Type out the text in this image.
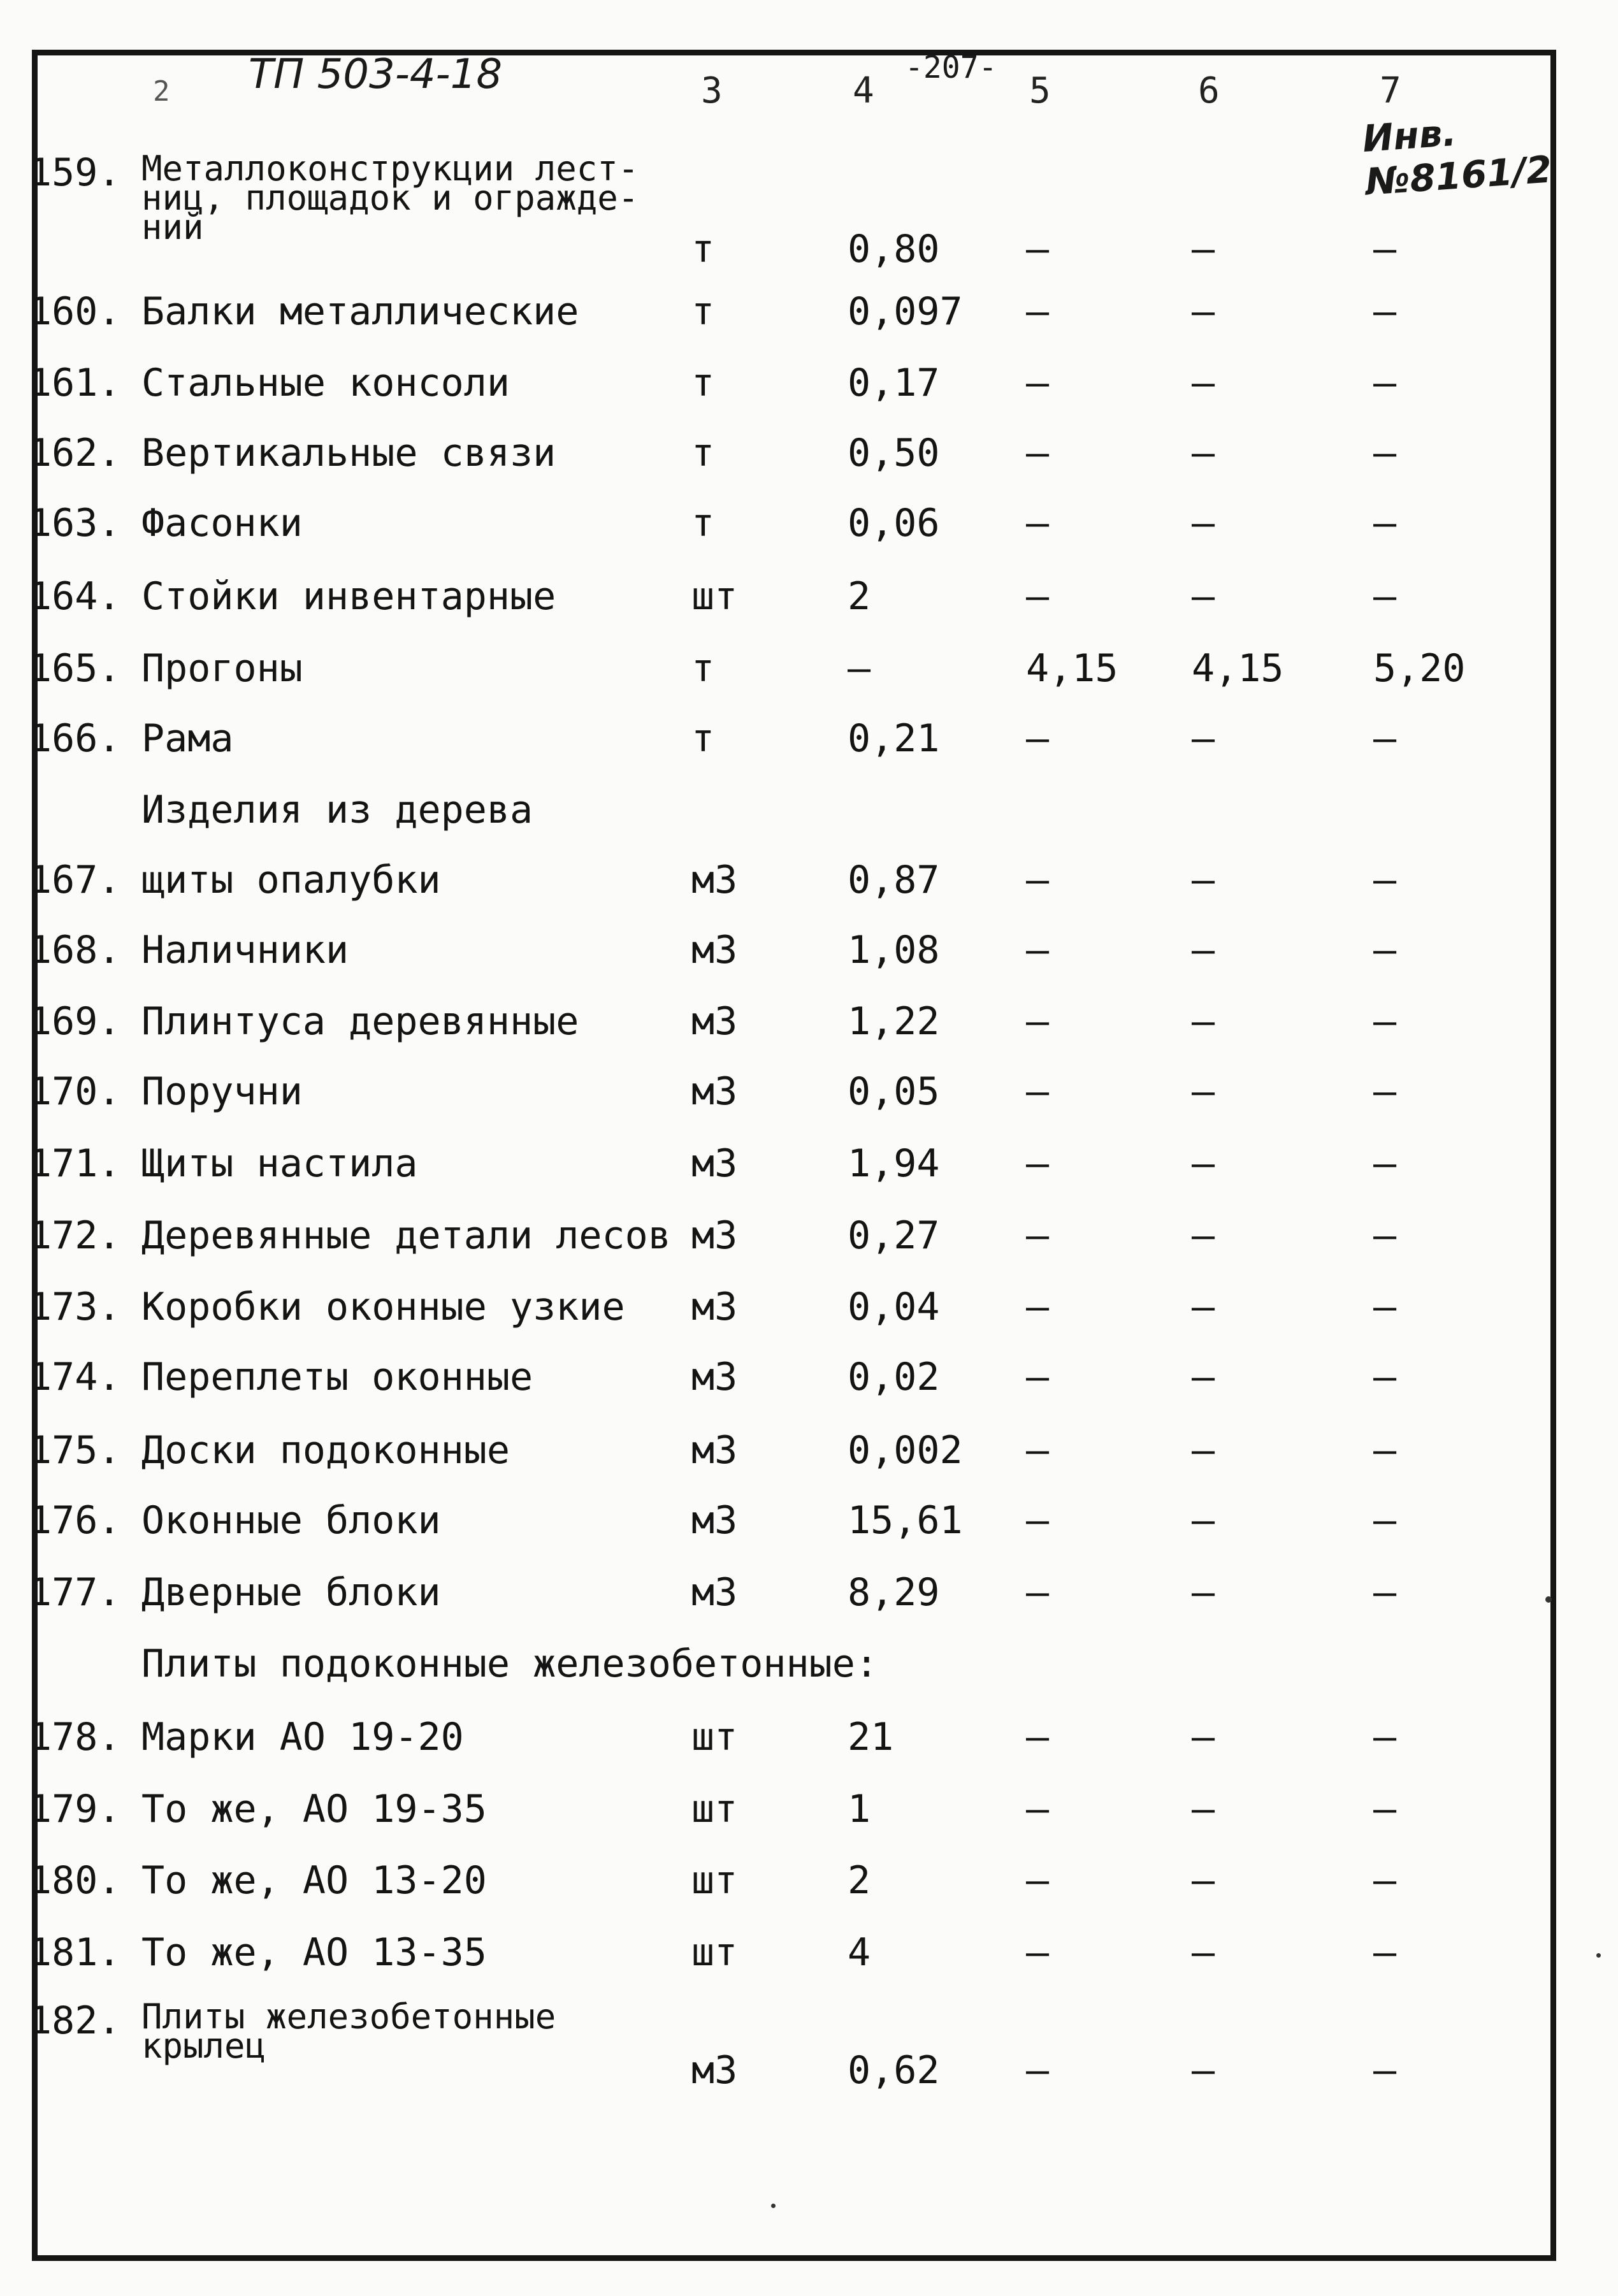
ТП 503-4-18
2	3	4
-207-
5	6	7
Инв.№8161/2
159. Металлоконструкции лест-
ниц, площадок и огражде-
ний	т	0,80 –	–	–
160. Балки металлические	т	0,097 –	–	–
161. Стальные консоли	т	0,17 –	–	–
162. Вертикальные связи	т	0,50 –	–	–
163. Фасонки	т	0,06 –	–	–
164. Стойки инвентарные	шт	2	–	–	–
165. Прогоны	т	–	4,15 4,15 5,20
166. Рама	т	0,21 –	–	–
Изделия из дерева
167. щиты опалубки	м3	0,87 –	–	–
168. Наличники	м3	1,08 –	–	–
169. Плинтуса деревянные	м3	1,22 –	–	–
170. Поручни	м3	0,05 –	–	–
171. Щиты настила	м3	1,94 –	–	–
172. Деревянные детали лесов м3	0,27 –	–	–
173. Коробки оконные узкие м3	0,04 –	–	–
174. Переплеты оконные	м3	0,02 –	–	–
175. Доски подоконные	м3	0,002 –	–	–
176. Оконные блоки	м3	15,61 –	–	–
177. Дверные блоки	м3	8,29 –	–	–
Плиты подоконные железобетонные:
178. Марки АО 19-20	шт	21	–	–	–
179. То же, АО 19-35	шт	1	–	–	–
180. То же, АО 13-20	шт	2	–	–	–
181. То же, АО 13-35	шт	4	–	–	–
182. Плиты железобетонные
крылец
м3	0,62 –	–	–
